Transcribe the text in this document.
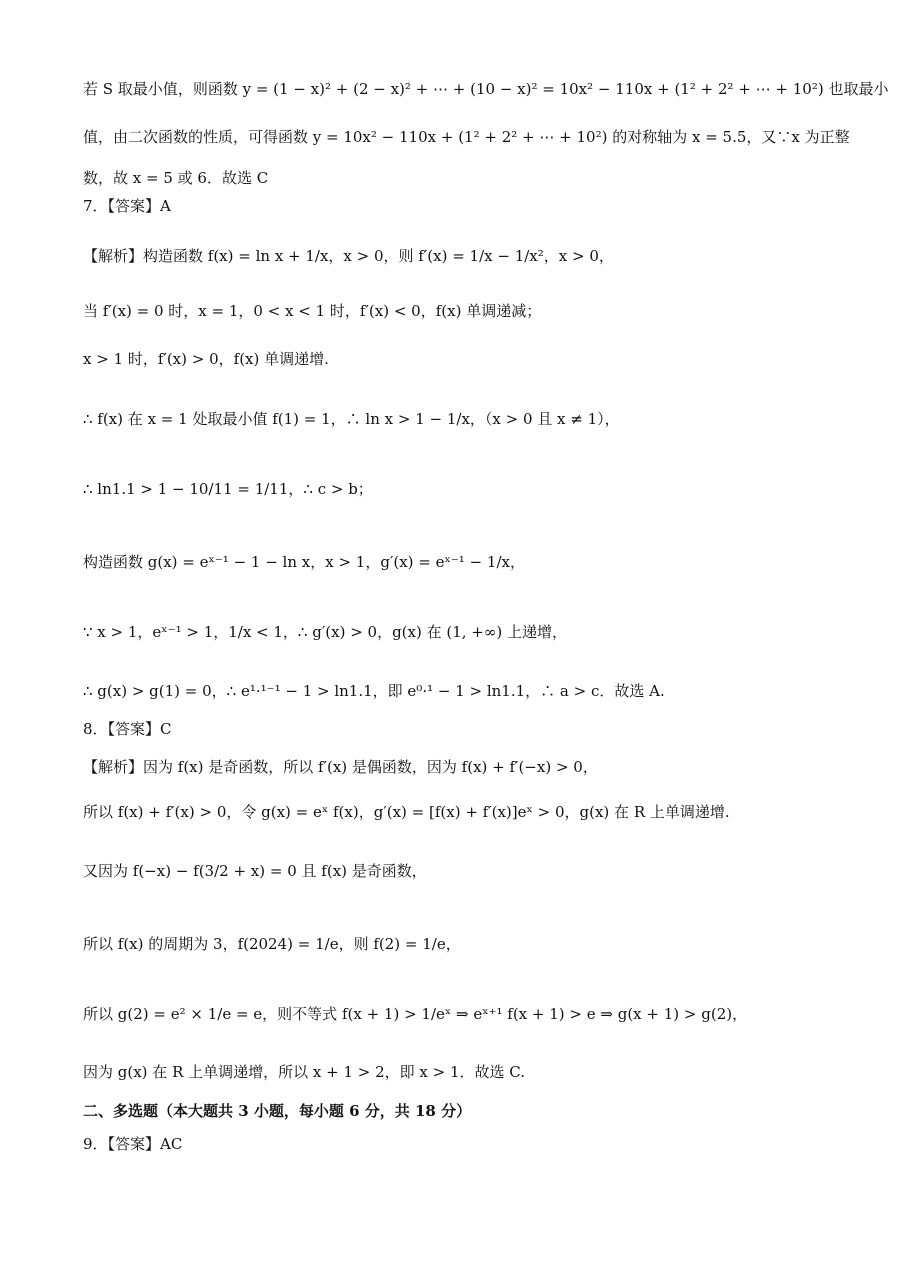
若 S 取最小值，则函数 y = (1 − x)² + (2 − x)² + ⋯ + (10 − x)² = 10x² − 110x + (1² + 2² + ⋯ + 10²) 也取最小
值，由二次函数的性质，可得函数 y = 10x² − 110x + (1² + 2² + ⋯ + 10²) 的对称轴为 x = 5.5，又∵x 为正整
数，故 x = 5 或 6．故选 C
7．【答案】A
【解析】构造函数 f(x) = ln x + 1/x，x > 0，则 f′(x) = 1/x − 1/x²，x > 0，
当 f′(x) = 0 时，x = 1，0 < x < 1 时，f′(x) < 0，f(x) 单调递减；
x > 1 时，f′(x) > 0，f(x) 单调递增.
∴ f(x) 在 x = 1 处取最小值 f(1) = 1，∴ ln x > 1 − 1/x，（x > 0 且 x ≠ 1），
∴ ln1.1 > 1 − 10/11 = 1/11，∴ c > b；
构造函数 g(x) = eˣ⁻¹ − 1 − ln x，x > 1，g′(x) = eˣ⁻¹ − 1/x，
∵ x > 1，eˣ⁻¹ > 1，1/x < 1，∴ g′(x) > 0，g(x) 在 (1, +∞) 上递增，
∴ g(x) > g(1) = 0，∴ e¹·¹⁻¹ − 1 > ln1.1，即 e⁰·¹ − 1 > ln1.1，∴ a > c．故选 A.
8．【答案】C
【解析】因为 f(x) 是奇函数，所以 f′(x) 是偶函数，因为 f(x) + f′(−x) > 0，
所以 f(x) + f′(x) > 0，令 g(x) = eˣ f(x)，g′(x) = [f(x) + f′(x)]eˣ > 0，g(x) 在 R 上单调递增.
又因为 f(−x) − f(3/2 + x) = 0 且 f(x) 是奇函数，
所以 f(x) 的周期为 3，f(2024) = 1/e，则 f(2) = 1/e，
所以 g(2) = e² × 1/e = e，则不等式 f(x + 1) > 1/eˣ ⇒ eˣ⁺¹ f(x + 1) > e ⇒ g(x + 1) > g(2)，
因为 g(x) 在 R 上单调递增，所以 x + 1 > 2，即 x > 1．故选 C.
二、多选题（本大题共 3 小题，每小题 6 分，共 18 分）
9．【答案】AC
